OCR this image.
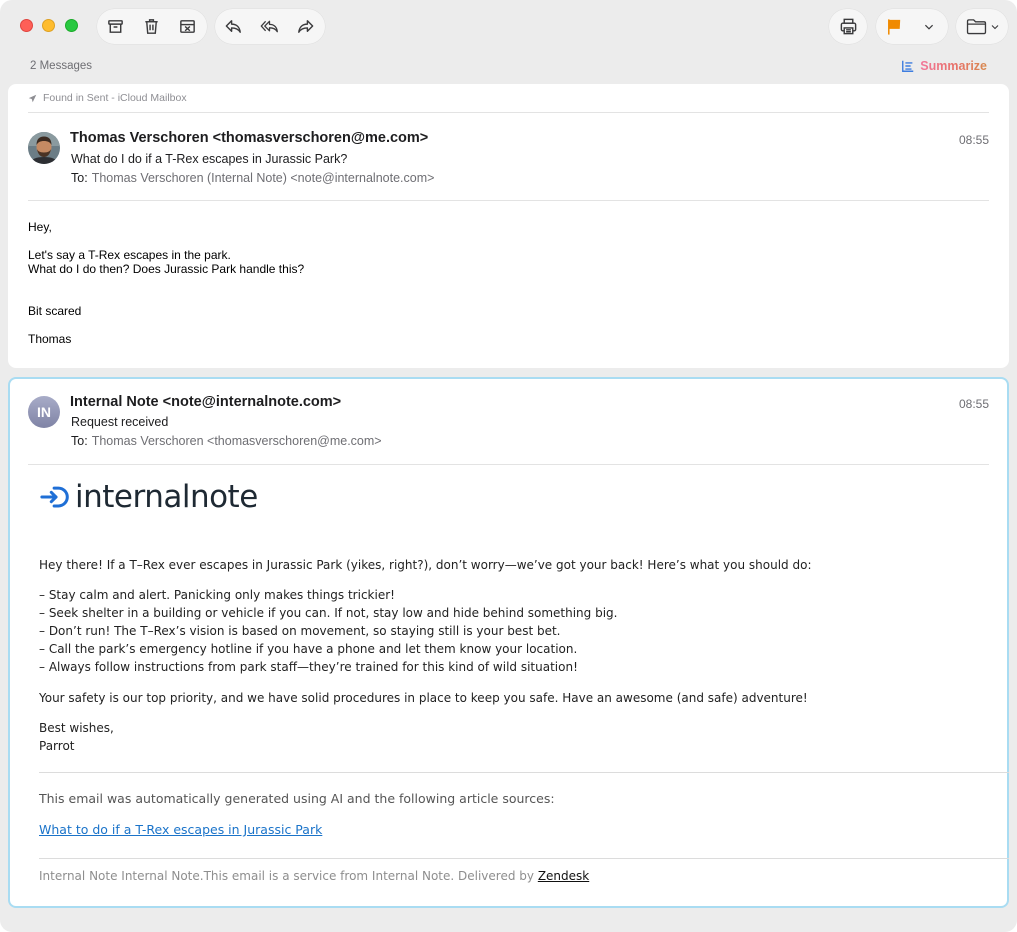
2 Messages	Summarize
Found in Sent - iCloud Mailbox
Thomas Verschoren <thomasverschoren@me.com>	08:55
What do I do if a T-Rex escapes in Jurassic Park?
To: Thomas Verschoren (Internal Note) <note@internalnote.com>
Hey,
Let's say a T-Rex escapes in the park.
What do I do then? Does Jurassic Park handle this?
Bit scared
Thomas
IN
Internal Note <note@internalnote.com>	08:55
Request received
To: Thomas Verschoren <thomasverschoren@me.com>
internalnote
Hey there! If a T–Rex ever escapes in Jurassic Park (yikes, right?), don’t worry—we’ve got your back! Here’s what you should do:
– Stay calm and alert. Panicking only makes things trickier!
– Seek shelter in a building or vehicle if you can. If not, stay low and hide behind something big.
– Don’t run! The T–Rex’s vision is based on movement, so staying still is your best bet.
– Call the park’s emergency hotline if you have a phone and let them know your location.
– Always follow instructions from park staff—they’re trained for this kind of wild situation!
Your safety is our top priority, and we have solid procedures in place to keep you safe. Have an awesome (and safe) adventure!
Best wishes,
Parrot
This email was automatically generated using AI and the following article sources:
What to do if a T-Rex escapes in Jurassic Park
Internal Note Internal Note.This email is a service from Internal Note. Delivered by Zendesk
